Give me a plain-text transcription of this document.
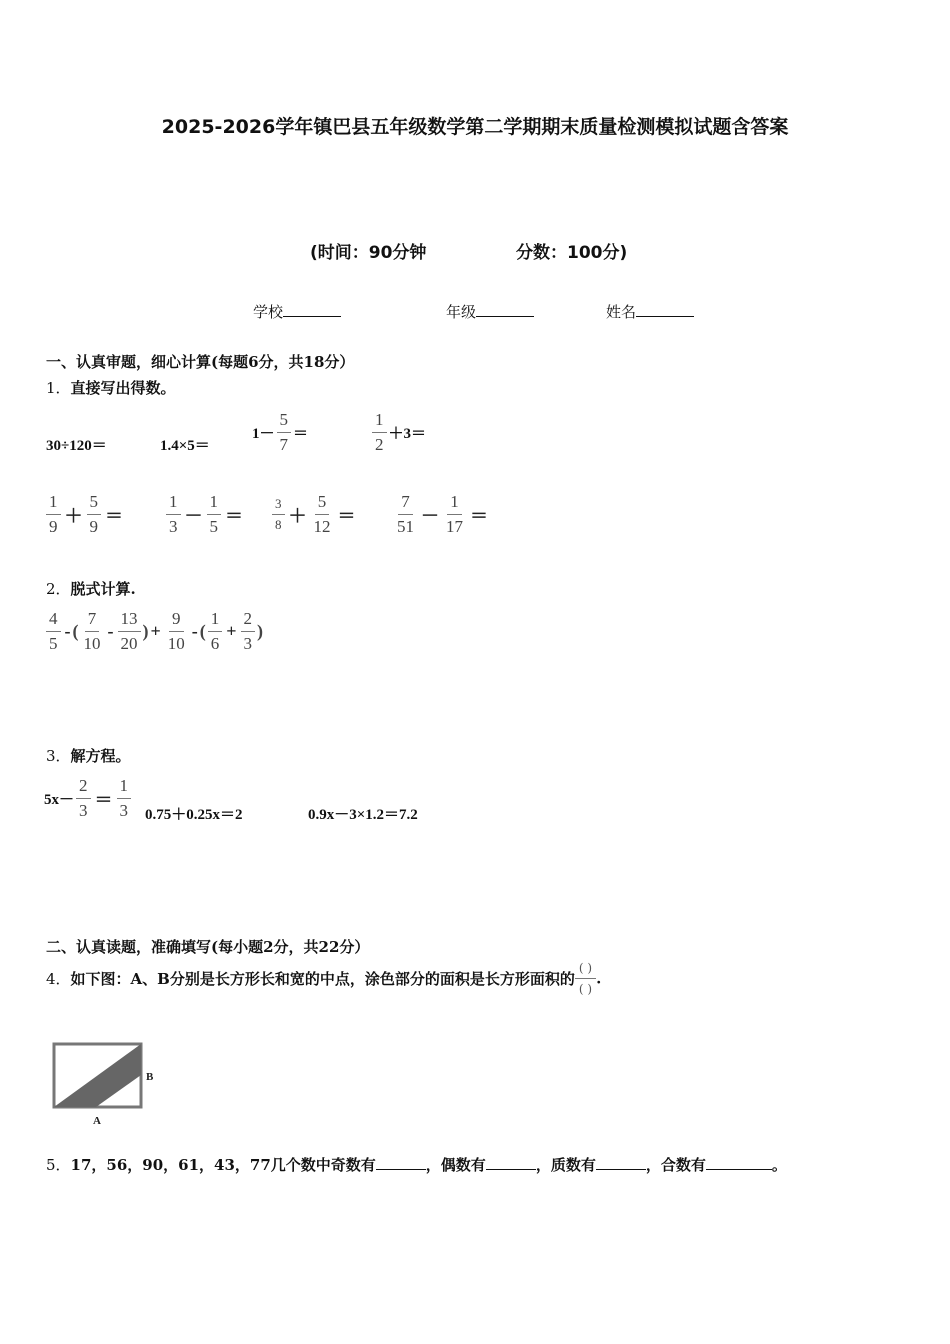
2025-2026学年镇巴县五年级数学第二学期期末质量检测模拟试题含答案
(时间：90分钟	分数：100分)
学校	年级	姓名
一、认真审题，细心计算(每题6分，共18分）
1．直接写出得数。
30÷120＝	1.4×5＝
$1- \frac{5}{7}$ ＝	$\frac{1}{2} +3=$
$\frac{1}{9} + \frac{5}{9}$ ＝	$\frac{1}{3} - \frac{1}{5} = \frac{3}{8} + \frac{5}{12} = \frac{7}{51} - \frac{1}{17}$ ＝
2．脱式计算.
$\frac{4}{5}$ - ( $\frac{7}{10} - \frac{13}{20}$ ) + $\frac{9}{10}$ - ( $\frac{1}{6} + \frac{2}{3}$ )
3．解方程。
$5x- \frac{2}{3} = \frac{1}{3} 0.75+0.25x=2$	0.9x－3×1.2＝7.2
二、认真读题，准确填写(每小题2分，共22分）
4．如下图：A、B分别是长方形长和宽的中点，涂色部分的面积是长方形面积的 $\frac{( )}{( )}$ .
A
B
5．17，56，90，61，43，77几个数中奇数有	，偶数有	，质数有	，合数有	。
